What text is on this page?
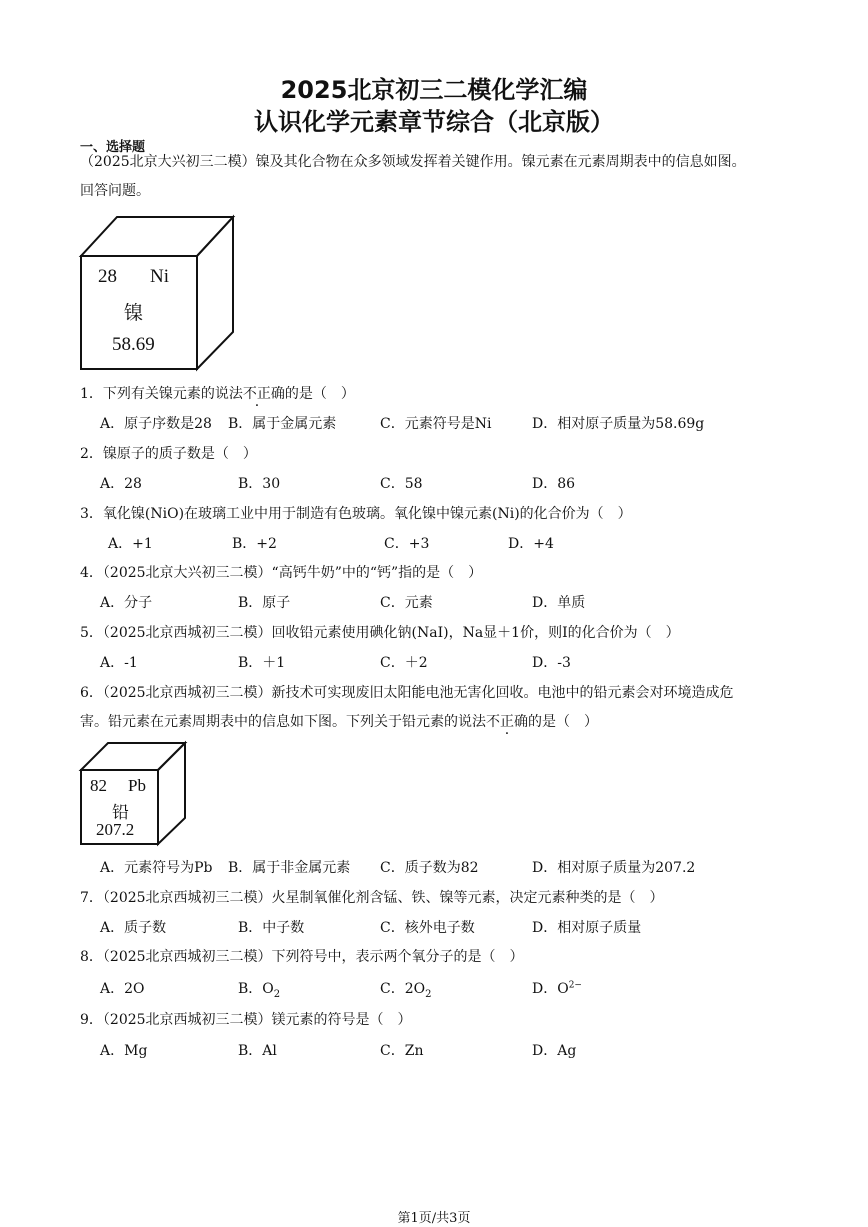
2025北京初三二模化学汇编
认识化学元素章节综合（北京版）
一、选择题
（2025北京大兴初三二模）镍及其化合物在众多领域发挥着关键作用。镍元素在元素周期表中的信息如图。
回答问题。
28 Ni
镍
58.69
1．下列有关镍元素的说法不正确的是（　）
A．原子序数是28 B．属于金属元素	C．元素符号是Ni	D．相对原子质量为58.69g
2．镍原子的质子数是（　）
A．28	B．30	C．58	D．86
3．氧化镍(NiO)在玻璃工业中用于制造有色玻璃。氧化镍中镍元素(Ni)的化合价为（　）
A．+1	B．+2	C．+3	D．+4
4．（2025北京大兴初三二模）“高钙牛奶”中的“钙”指的是（　）
A．分子	B．原子	C．元素	D．单质
5．（2025北京西城初三二模）回收铅元素使用碘化钠(NaI)，Na显＋1价，则I的化合价为（　）
A．-1	B．＋1	C．＋2	D．-3
6．（2025北京西城初三二模）新技术可实现废旧太阳能电池无害化回收。电池中的铅元素会对环境造成危
害。铅元素在元素周期表中的信息如下图。下列关于铅元素的说法不正确的是（　）
82 Pb
铅
207.2
A．元素符号为Pb B．属于非金属元素 C．质子数为82	D．相对原子质量为207.2
7．（2025北京西城初三二模）火星制氧催化剂含锰、铁、镍等元素，决定元素种类的是（　）
A．质子数	B．中子数	C．核外电子数	D．相对原子质量
8．（2025北京西城初三二模）下列符号中，表示两个氧分子的是（　）
A．2O	B．$O_2$	C．$2O_2$	D．$O^{2-}$
9．（2025北京西城初三二模）镁元素的符号是（　）
A．Mg	B．Al	C．Zn	D．Ag
第1页/共3页
